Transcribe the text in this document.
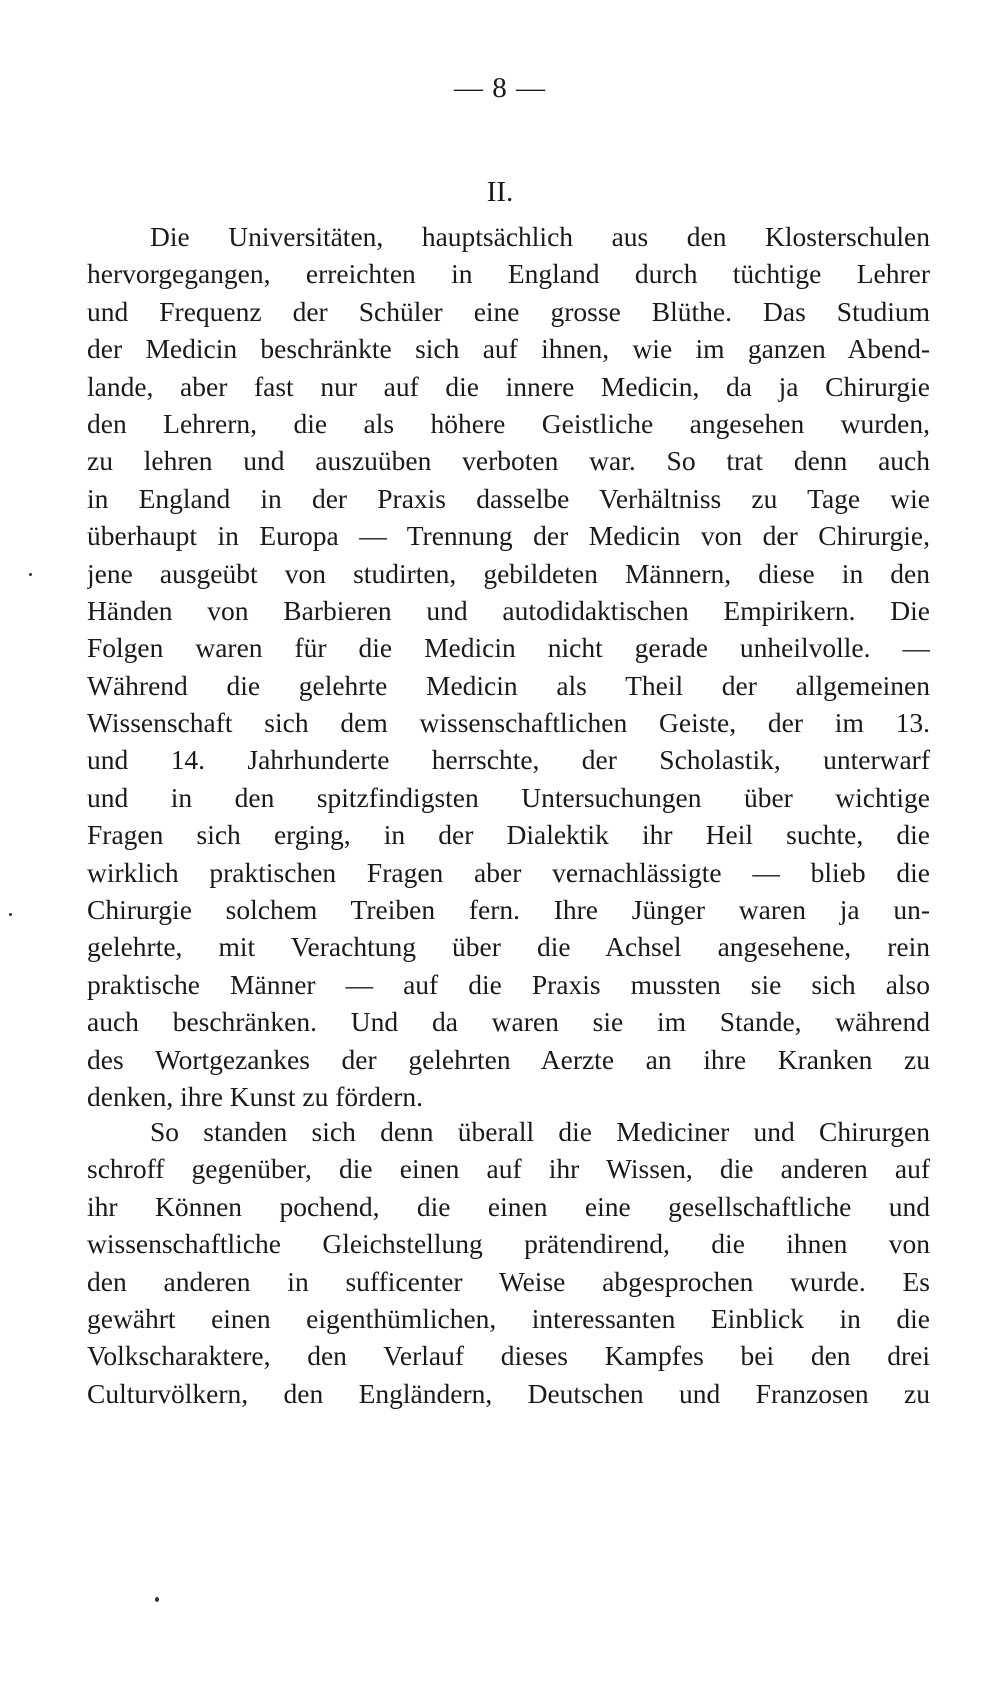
— 8 —
II.
Die Universitäten, hauptsächlich aus den Klosterschulen
hervorgegangen, erreichten in England durch tüchtige Lehrer
und Frequenz der Schüler eine grosse Blüthe. Das Studium
der Medicin beschränkte sich auf ihnen, wie im ganzen Abend-
lande, aber fast nur auf die innere Medicin, da ja Chirurgie
den Lehrern, die als höhere Geistliche angesehen wurden,
zu lehren und auszuüben verboten war. So trat denn auch
in England in der Praxis dasselbe Verhältniss zu Tage wie
überhaupt in Europa — Trennung der Medicin von der Chirurgie,
jene ausgeübt von studirten, gebildeten Männern, diese in den
Händen von Barbieren und autodidaktischen Empirikern. Die
Folgen waren für die Medicin nicht gerade unheilvolle. —
Während die gelehrte Medicin als Theil der allgemeinen
Wissenschaft sich dem wissenschaftlichen Geiste, der im 13.
und 14. Jahrhunderte herrschte, der Scholastik, unterwarf
und in den spitzfindigsten Untersuchungen über wichtige
Fragen sich erging, in der Dialektik ihr Heil suchte, die
wirklich praktischen Fragen aber vernachlässigte — blieb die
Chirurgie solchem Treiben fern. Ihre Jünger waren ja un-
gelehrte, mit Verachtung über die Achsel angesehene, rein
praktische Männer — auf die Praxis mussten sie sich also
auch beschränken. Und da waren sie im Stande, während
des Wortgezankes der gelehrten Aerzte an ihre Kranken zu
denken, ihre Kunst zu fördern.
So standen sich denn überall die Mediciner und Chirurgen
schroff gegenüber, die einen auf ihr Wissen, die anderen auf
ihr Können pochend, die einen eine gesellschaftliche und
wissenschaftliche Gleichstellung prätendirend, die ihnen von
den anderen in sufficenter Weise abgesprochen wurde. Es
gewährt einen eigenthümlichen, interessanten Einblick in die
Volkscharaktere, den Verlauf dieses Kampfes bei den drei
Culturvölkern, den Engländern, Deutschen und Franzosen zu
